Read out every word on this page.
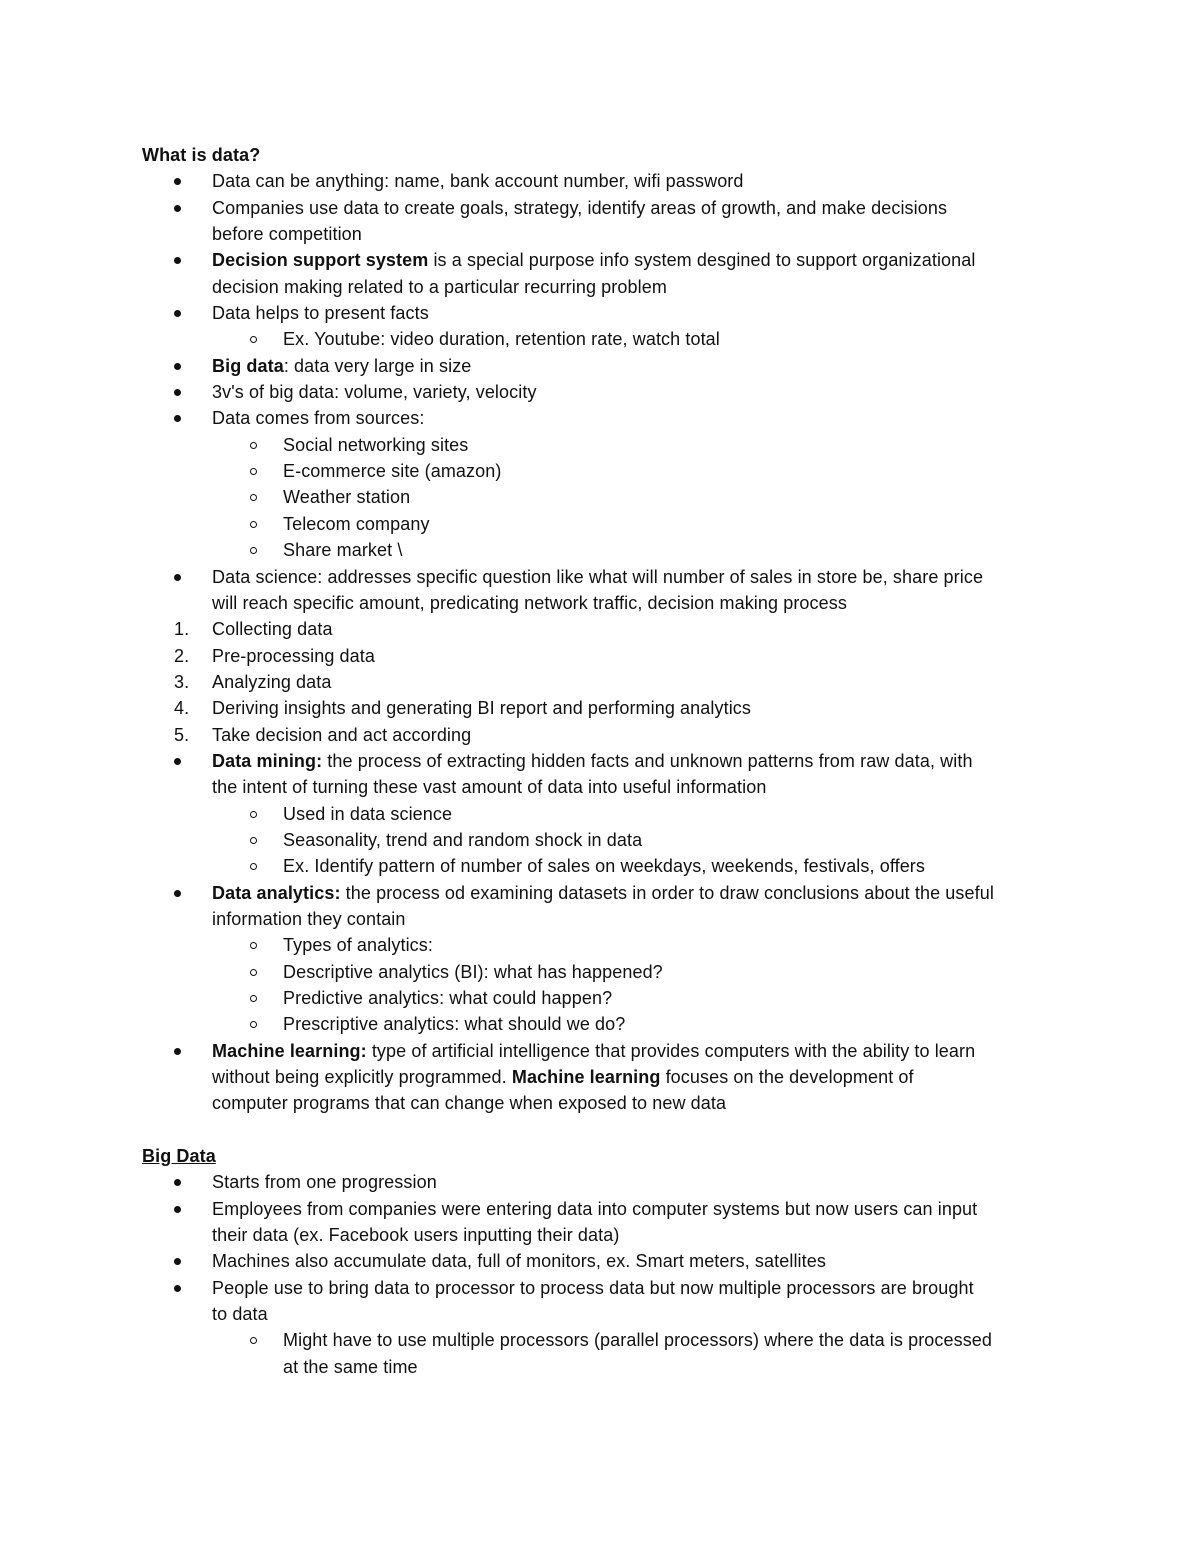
What is data?
Data can be anything: name, bank account number, wifi password
Companies use data to create goals, strategy, identify areas of growth, and make decisions
before competition
Decision support system is a special purpose info system desgined to support organizational
decision making related to a particular recurring problem
Data helps to present facts
Ex. Youtube: video duration, retention rate, watch total
Big data: data very large in size
3v's of big data: volume, variety, velocity
Data comes from sources:
Social networking sites
E-commerce site (amazon)
Weather station
Telecom company
Share market \
Data science: addresses specific question like what will number of sales in store be, share price
will reach specific amount, predicating network traffic, decision making process
1. Collecting data
2. Pre-processing data
3. Analyzing data
4. Deriving insights and generating BI report and performing analytics
5. Take decision and act according
Data mining: the process of extracting hidden facts and unknown patterns from raw data, with
the intent of turning these vast amount of data into useful information
Used in data science
Seasonality, trend and random shock in data
Ex. Identify pattern of number of sales on weekdays, weekends, festivals, offers
Data analytics: the process od examining datasets in order to draw conclusions about the useful
information they contain
Types of analytics:
Descriptive analytics (BI): what has happened?
Predictive analytics: what could happen?
Prescriptive analytics: what should we do?
Machine learning: type of artificial intelligence that provides computers with the ability to learn
without being explicitly programmed. Machine learning focuses on the development of
computer programs that can change when exposed to new data
Big Data
Starts from one progression
Employees from companies were entering data into computer systems but now users can input
their data (ex. Facebook users inputting their data)
Machines also accumulate data, full of monitors, ex. Smart meters, satellites
People use to bring data to processor to process data but now multiple processors are brought
to data
Might have to use multiple processors (parallel processors) where the data is processed
at the same time
